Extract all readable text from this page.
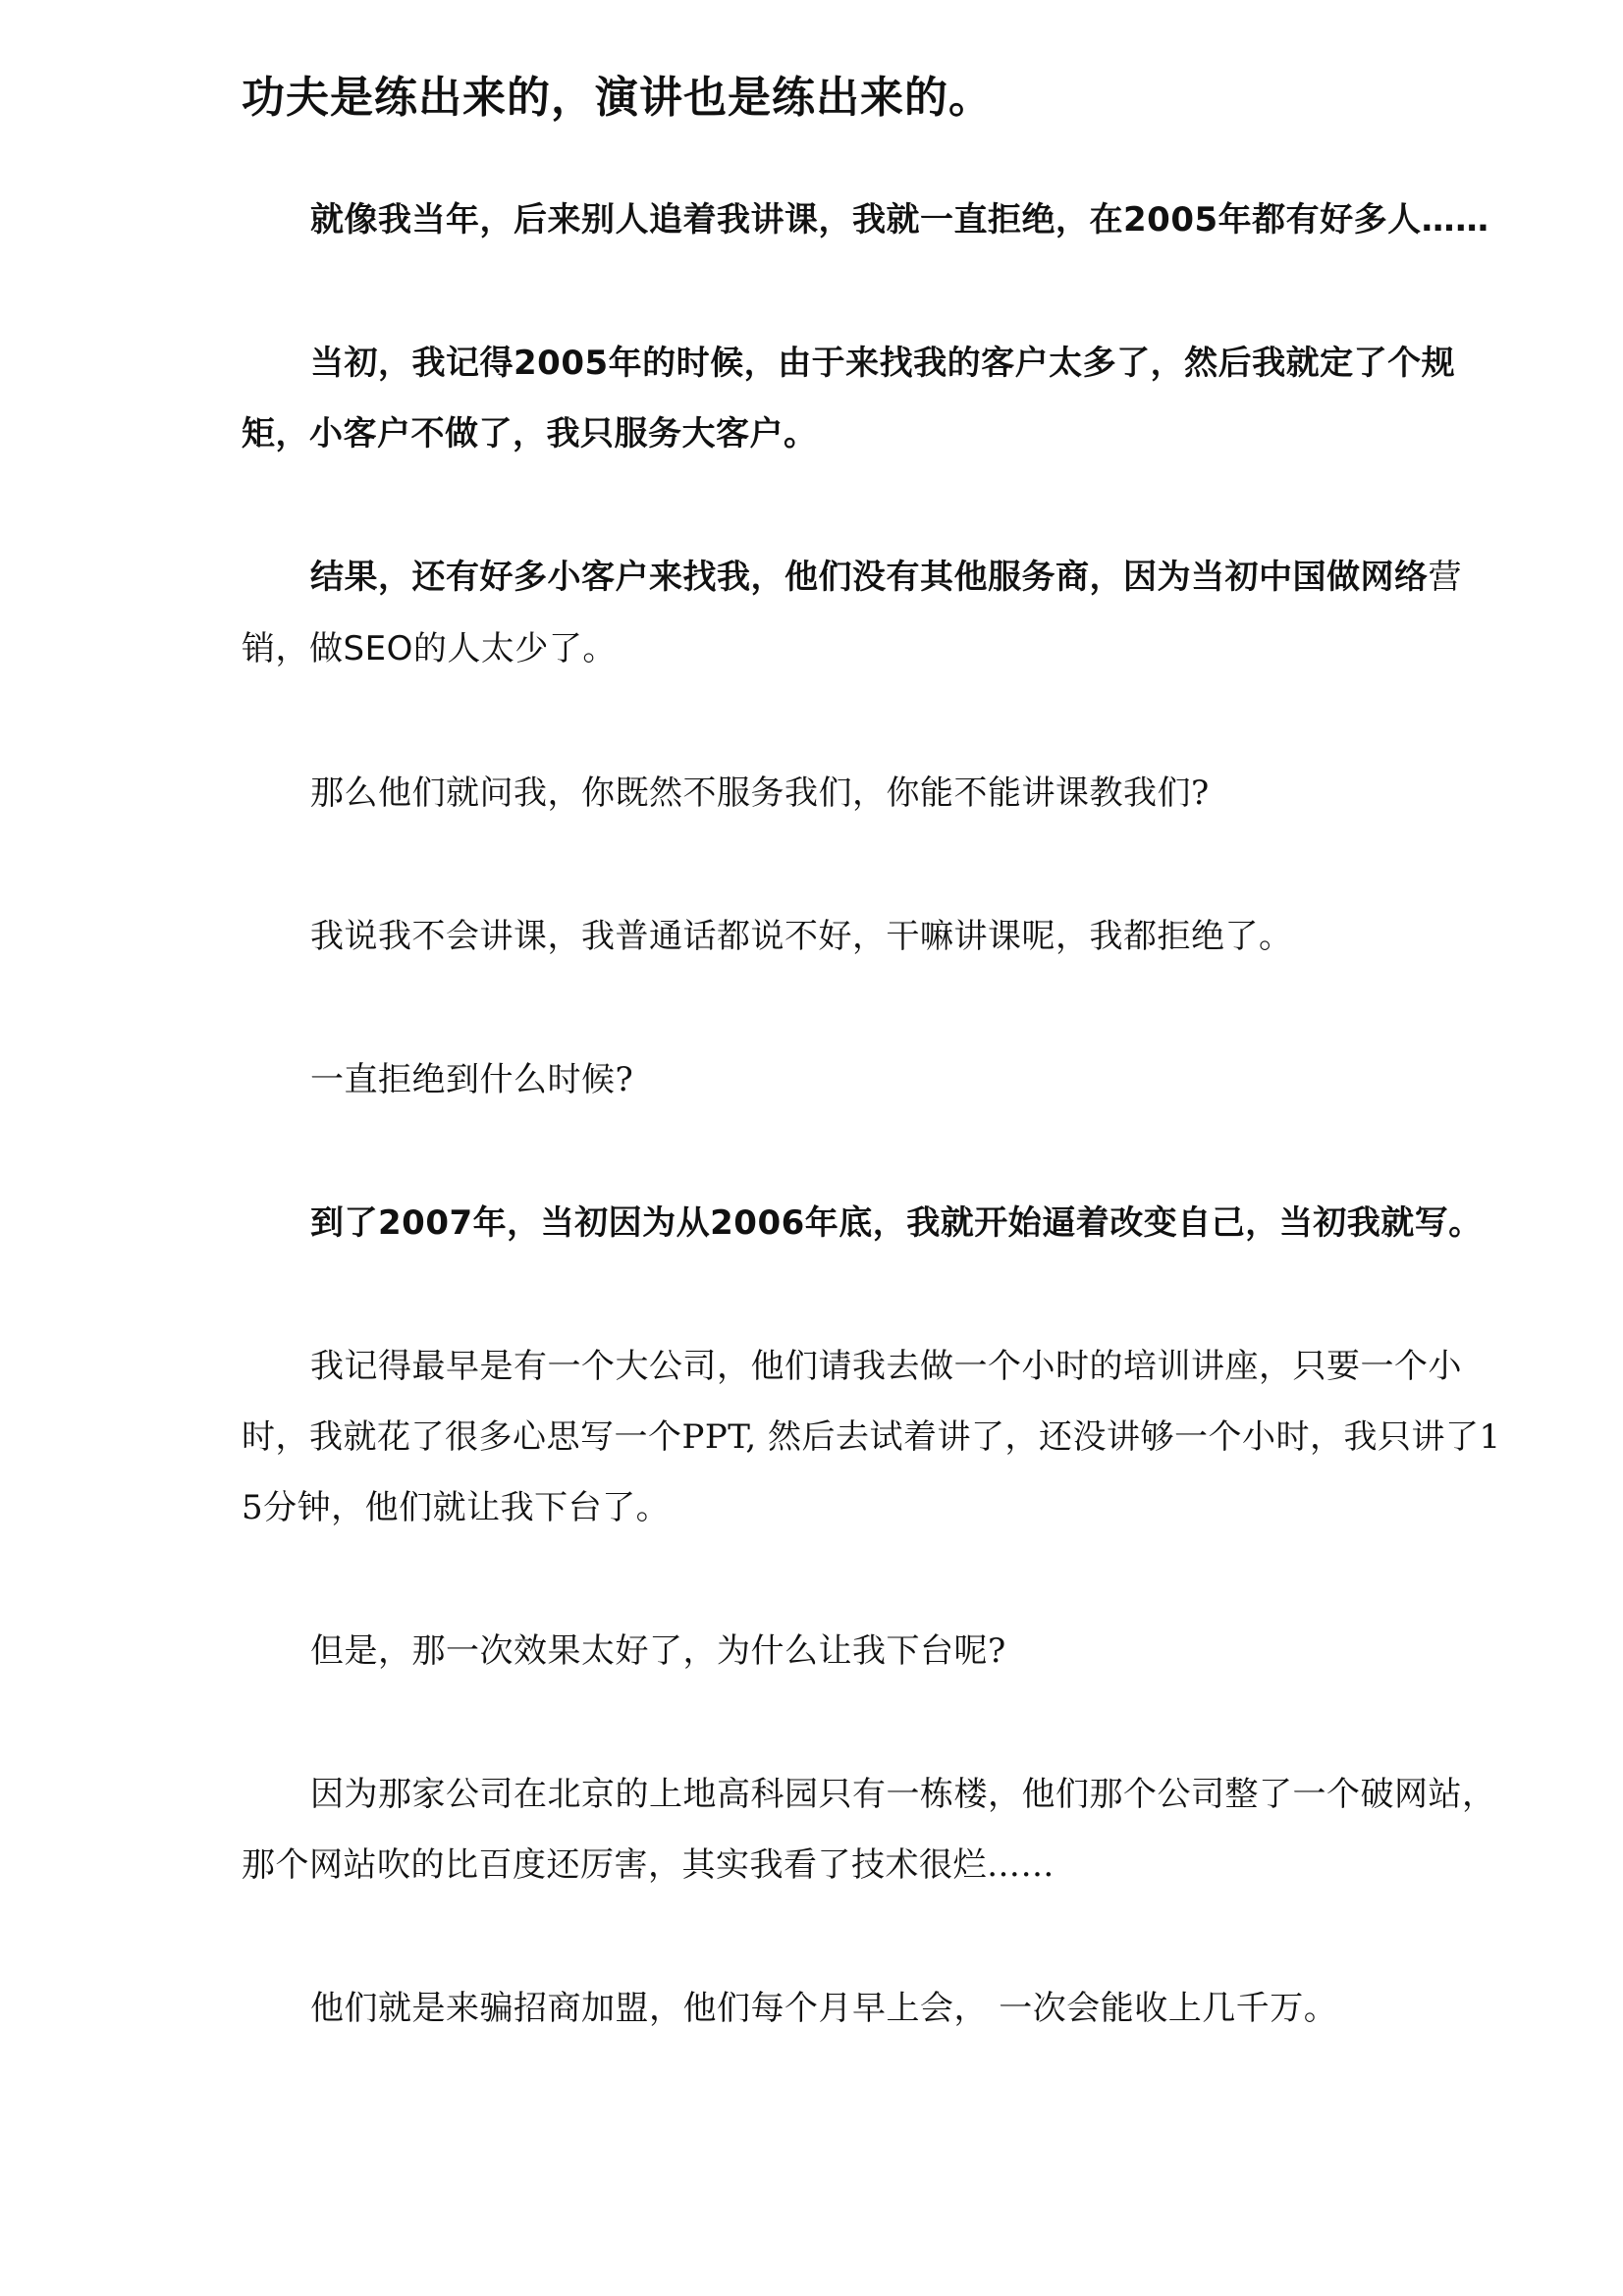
功夫是练出来的，演讲也是练出来的。

就像我当年，后来别人追着我讲课，我就一直拒绝，在2005年都有好多人……

当初，我记得2005年的时候，由于来找我的客户太多了，然后我就定了个规矩，小客户不做了，我只服务大客户。

结果，还有好多小客户来找我，他们没有其他服务商，因为当初中国做网络营销，做SEO的人太少了。

那么他们就问我，你既然不服务我们，你能不能讲课教我们?

我说我不会讲课，我普通话都说不好，干嘛讲课呢，我都拒绝了。

一直拒绝到什么时候?

到了2007年，当初因为从2006年底，我就开始逼着改变自己，当初我就写。

我记得最早是有一个大公司，他们请我去做一个小时的培训讲座，只要一个小时，我就花了很多心思写一个PPT, 然后去试着讲了，还没讲够一个小时，我只讲了15分钟，他们就让我下台了。

但是，那一次效果太好了，为什么让我下台呢?

因为那家公司在北京的上地高科园只有一栋楼，他们那个公司整了一个破网站，那个网站吹的比百度还厉害，其实我看了技术很烂……

他们就是来骗招商加盟，他们每个月早上会， 一次会能收上几千万。
